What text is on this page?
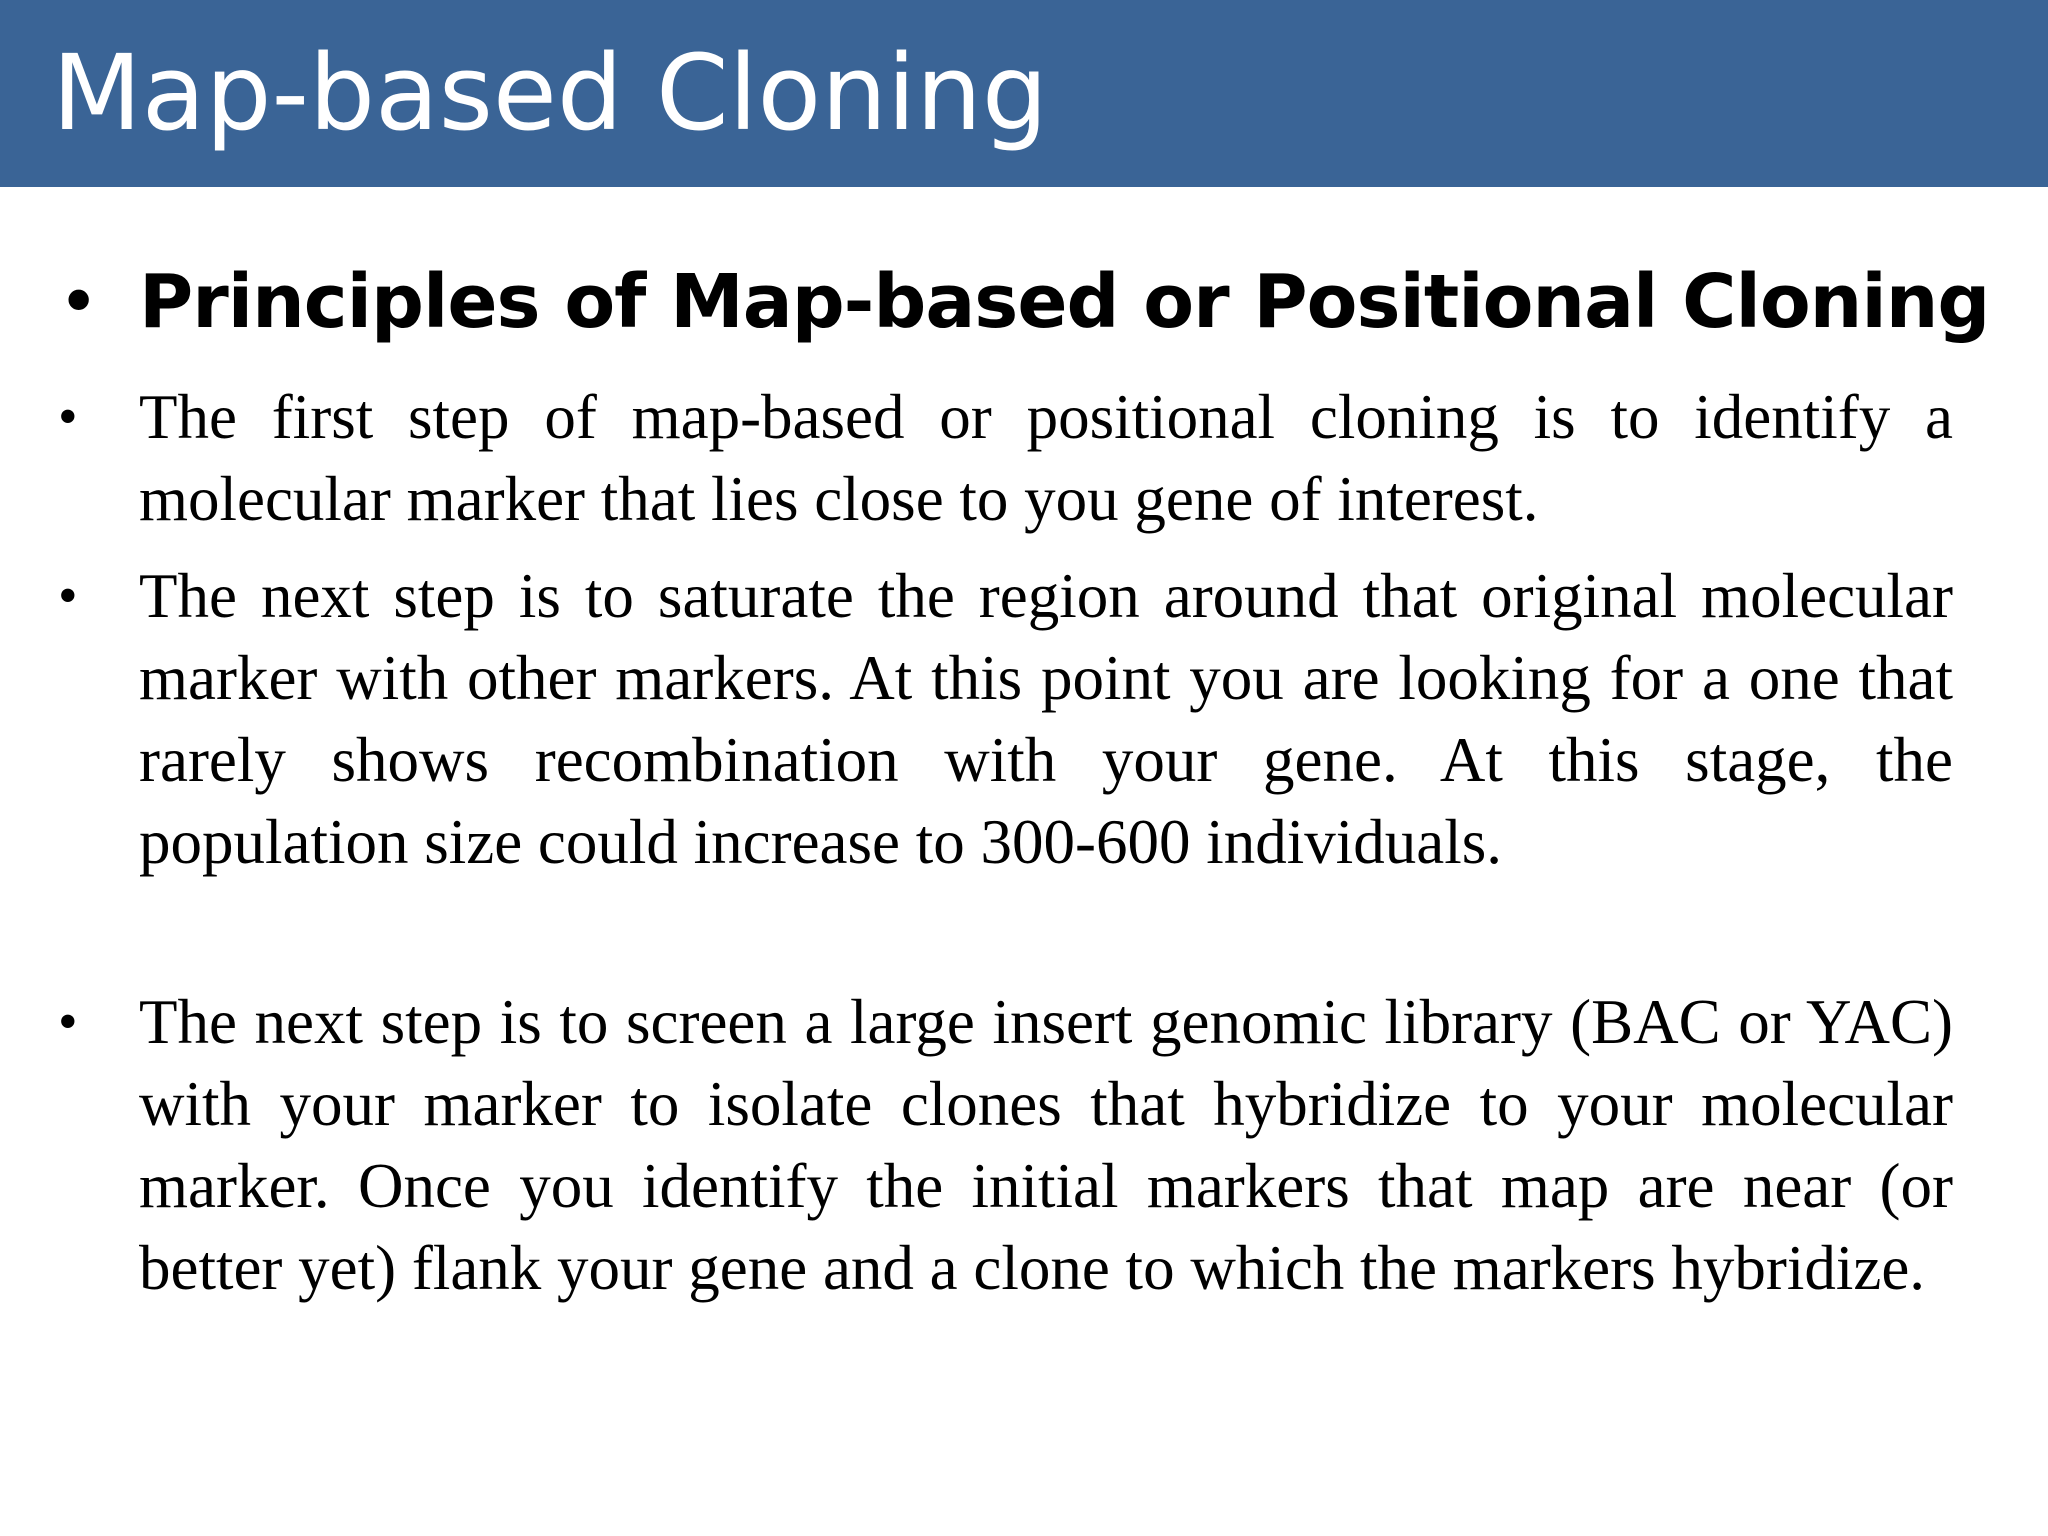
Map-based Cloning
• Principles of Map-based or Positional Cloning

• The first step of map-based or positional cloning is to identify a molecular marker that lies close to you gene of interest.

• The next step is to saturate the region around that original molecular marker with other markers. At this point you are looking for a one that rarely shows recombination with your gene. At this stage, the population size could increase to 300-600 individuals.

• The next step is to screen a large insert genomic library (BAC or YAC) with your marker to isolate clones that hybridize to your molecular marker. Once you identify the initial markers that map are near (or better yet) flank your gene and a clone to which the markers hybridize.
